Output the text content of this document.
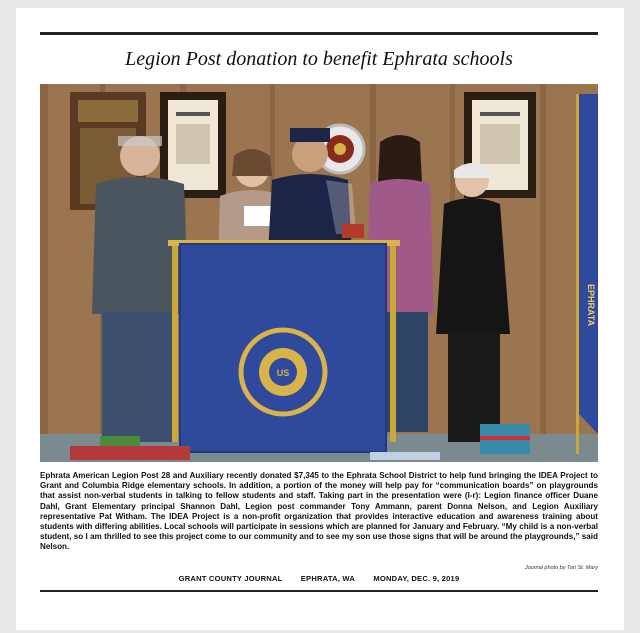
Legion Post donation to benefit Ephrata schools
EPHRATA
US

Ephrata American Legion Post 28 and Auxiliary recently donated $7,345 to the Ephrata School District to help fund bringing the IDEA Project to Grant and Columbia Ridge elementary schools. In addition, a portion of the money will help pay for “communication boards” on playgrounds that assist non-verbal students in talking to fellow students and staff. Taking part in the presentation were (l-r): Legion finance officer Duane Dahl, Grant Elementary principal Shannon Dahl, Legion post commander Tony Ammann, parent Donna Nelson, and Legion Auxiliary representative Pat Witham. The IDEA Project is a non-profit organization that provides interactive education and awareness training about students with differing abilities. Local schools will participate in sessions which are planned for January and February. “My child is a non-verbal student, so I am thrilled to see this project come to our community and to see my son use those signs that will be around the playgrounds,” said Nelson.

Journal photo by Tori St. Mary
GRANT COUNTY JOURNAL EPHRATA, WA MONDAY, DEC. 9, 2019
